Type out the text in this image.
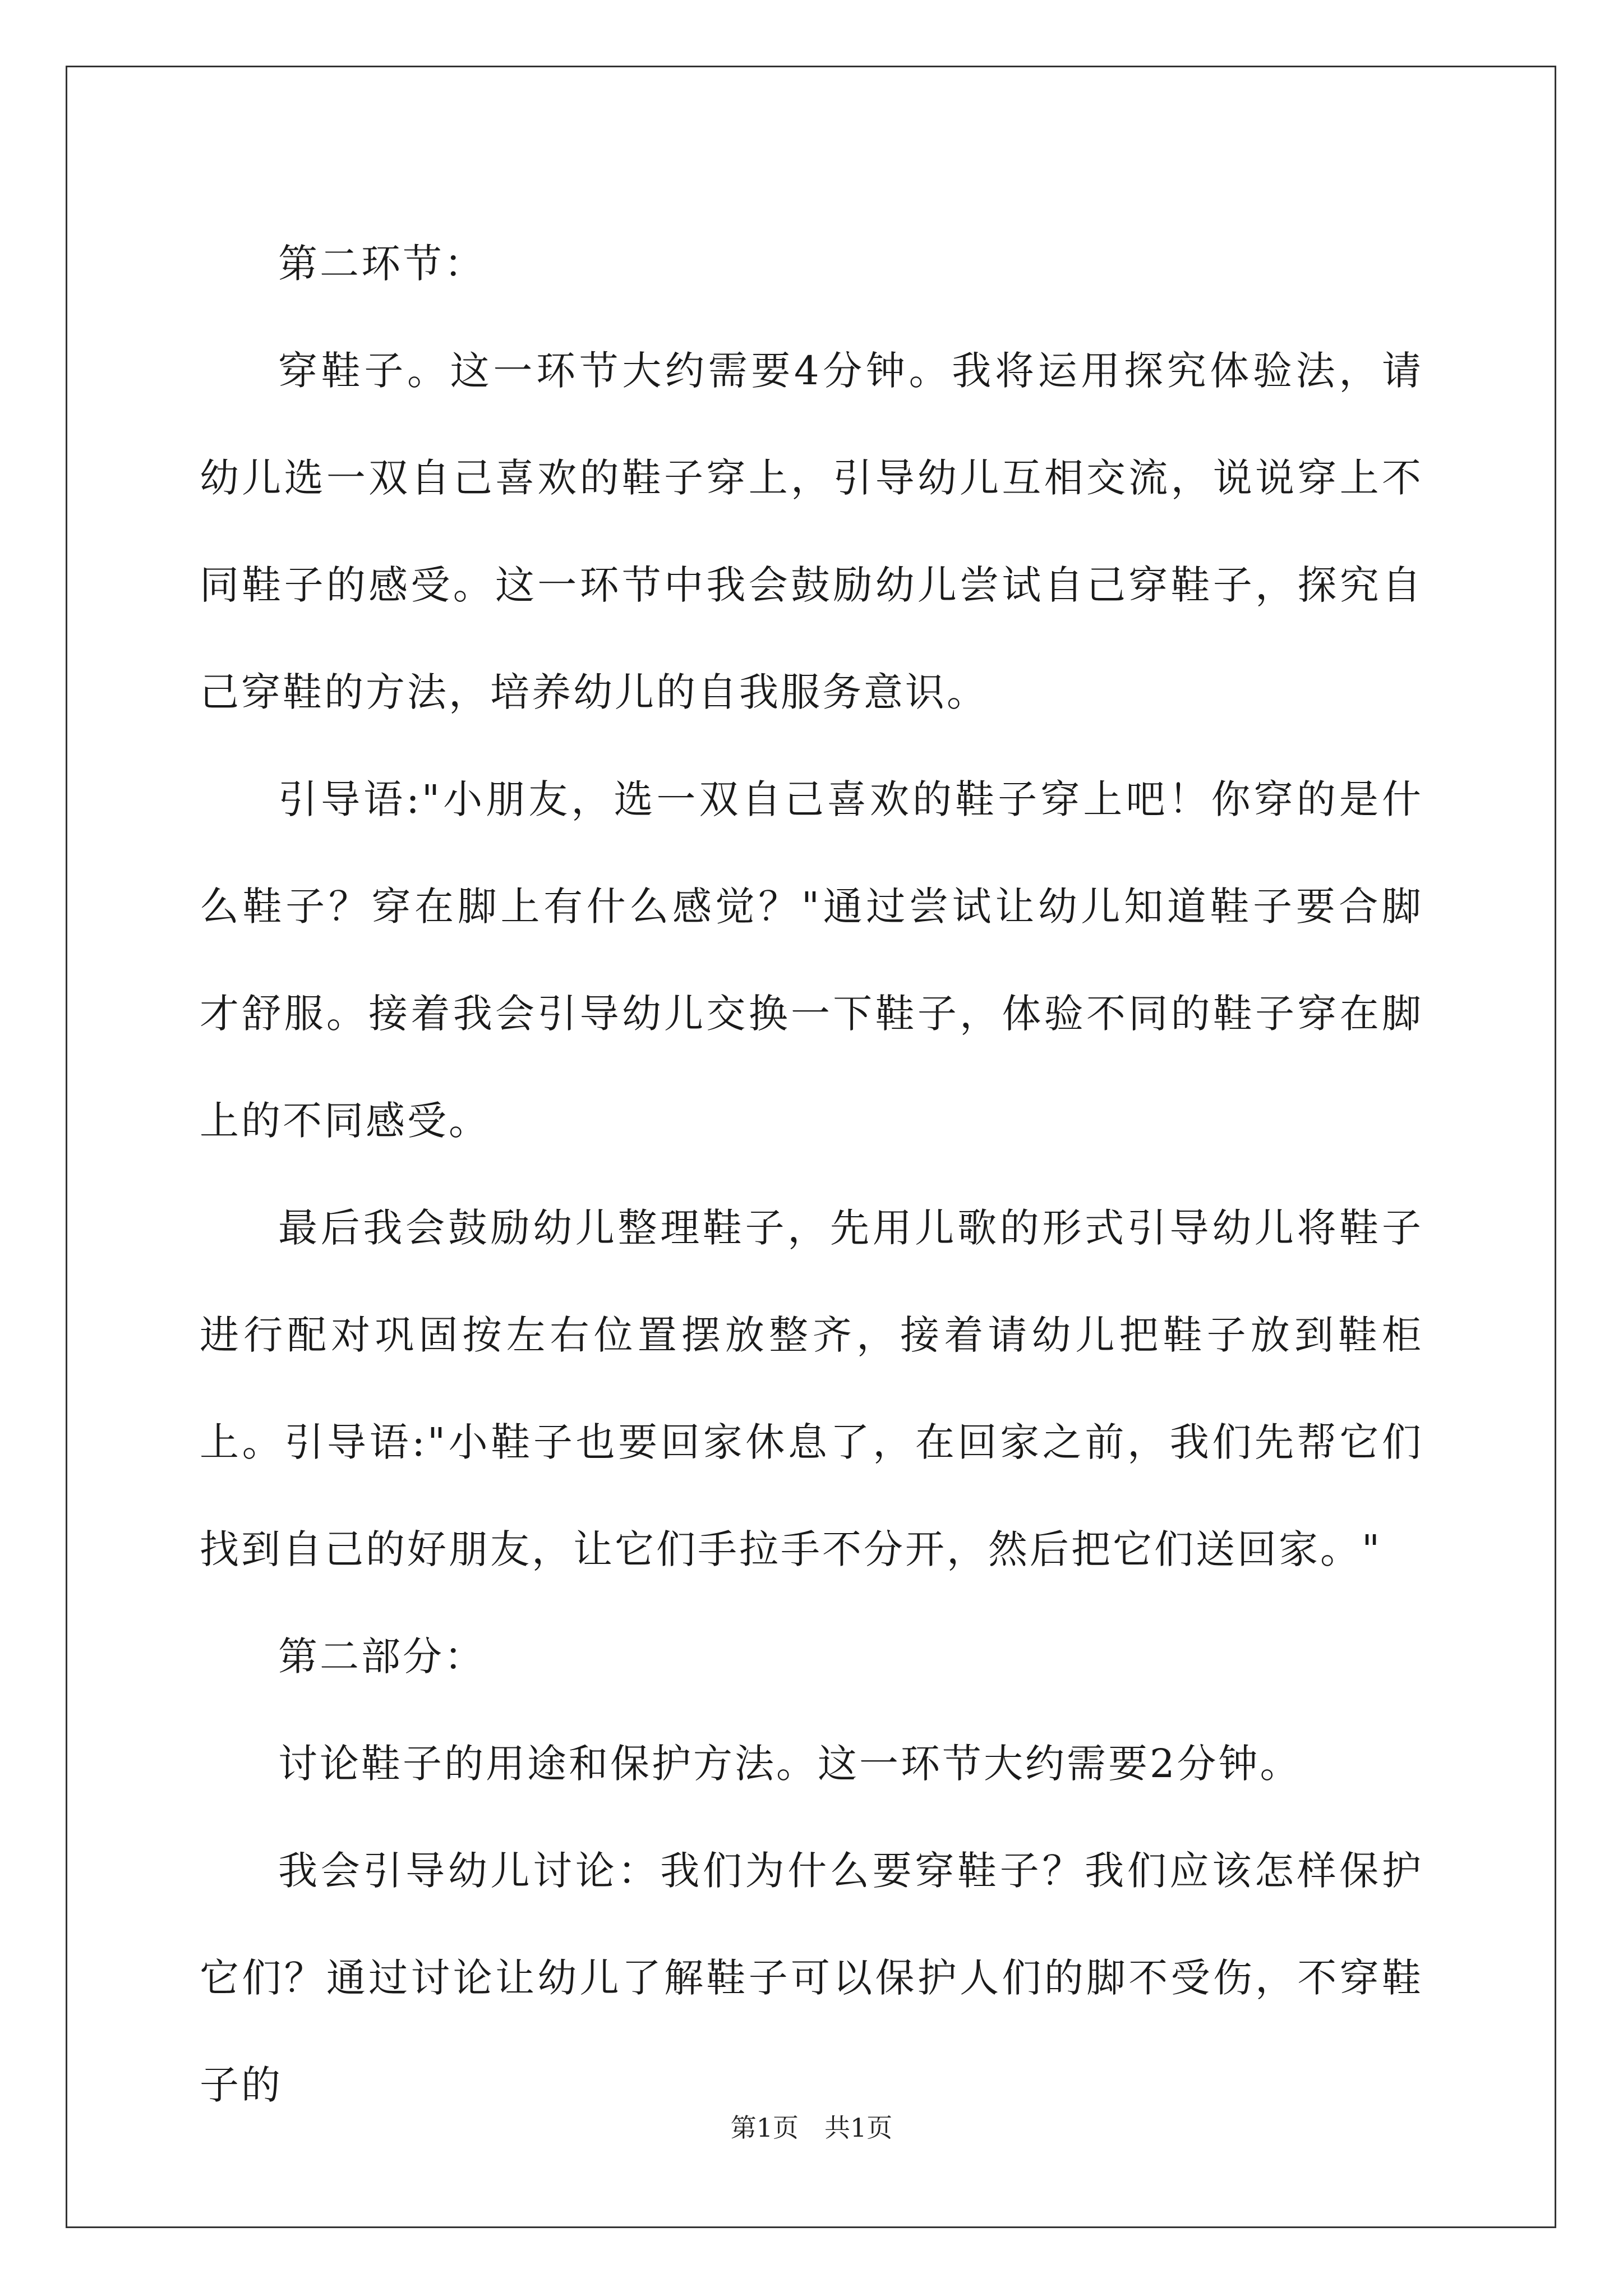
第二环节：

穿鞋子。这一环节大约需要4分钟。我将运用探究体验法，请幼儿选一双自己喜欢的鞋子穿上，引导幼儿互相交流，说说穿上不同鞋子的感受。这一环节中我会鼓励幼儿尝试自己穿鞋子，探究自己穿鞋的方法，培养幼儿的自我服务意识。

引导语:"小朋友，选一双自己喜欢的鞋子穿上吧！你穿的是什么鞋子？穿在脚上有什么感觉？"通过尝试让幼儿知道鞋子要合脚才舒服。接着我会引导幼儿交换一下鞋子，体验不同的鞋子穿在脚上的不同感受。

最后我会鼓励幼儿整理鞋子，先用儿歌的形式引导幼儿将鞋子进行配对巩固按左右位置摆放整齐，接着请幼儿把鞋子放到鞋柜上。引导语:"小鞋子也要回家休息了，在回家之前，我们先帮它们找到自己的好朋友，让它们手拉手不分开，然后把它们送回家。"

第二部分：

讨论鞋子的用途和保护方法。这一环节大约需要2分钟。

我会引导幼儿讨论：我们为什么要穿鞋子？我们应该怎样保护它们？通过讨论让幼儿了解鞋子可以保护人们的脚不受伤，不穿鞋子的

第1页 共1页
